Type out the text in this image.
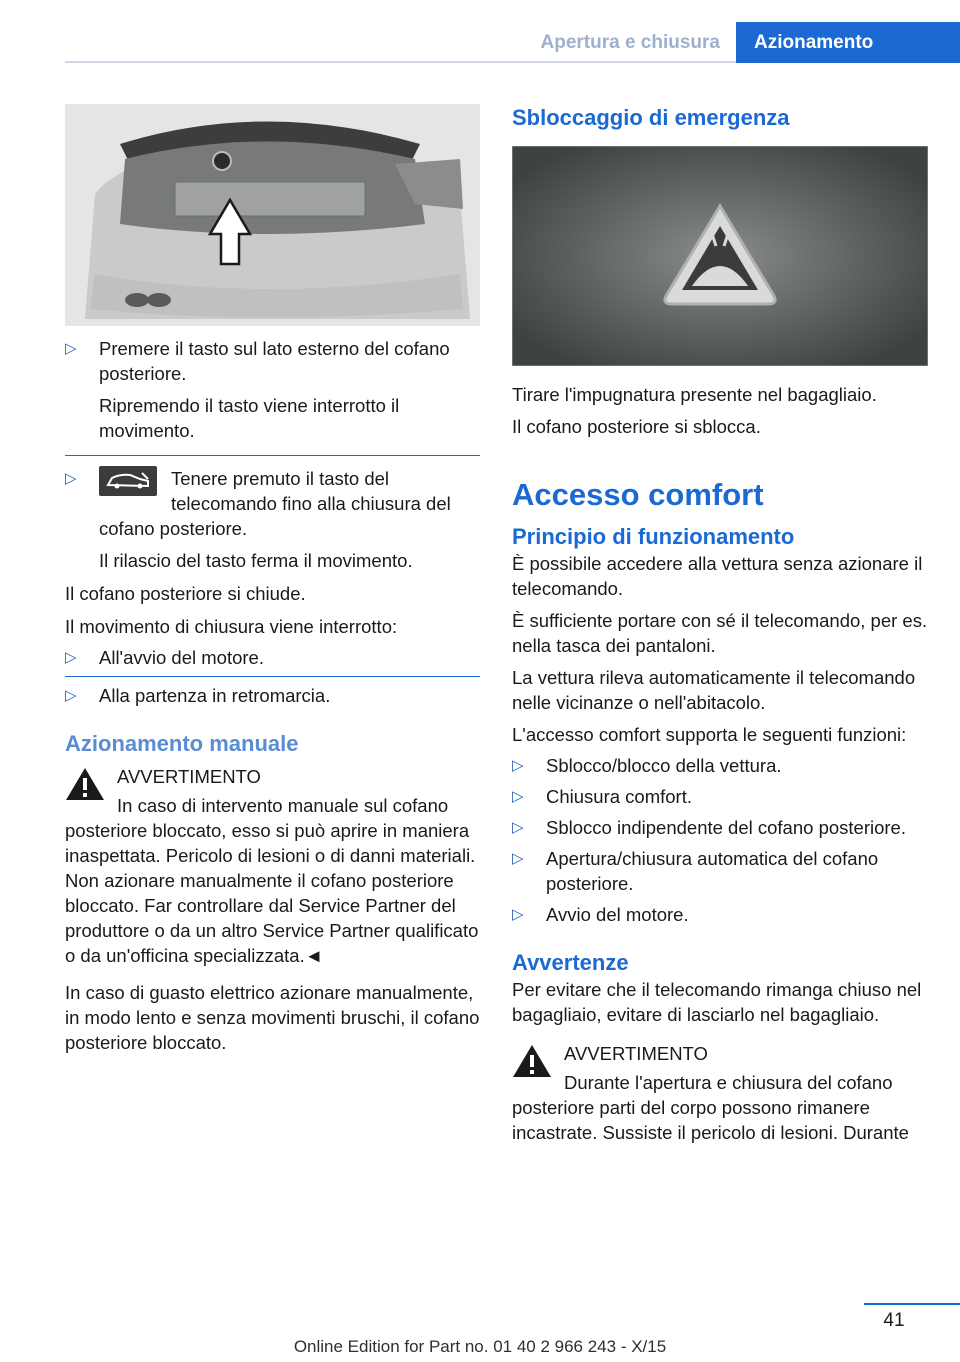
Apertura e chiusura	Azionamento
▷	Premere il tasto sul lato esterno del cofano posteriore.

Ripremendo il tasto viene interrotto il movimento.

▷	Tenere premuto il tasto del telecomando fino alla chiusura del cofano posteriore.

Il rilascio del tasto ferma il movimento.

Il cofano posteriore si chiude.

Il movimento di chiusura viene interrotto:

▷	All'avvio del motore.

▷	Alla partenza in retromarcia.

Azionamento manuale

AVVERTIMENTO

In caso di intervento manuale sul cofano posteriore bloccato, esso si può aprire in maniera inaspettata. Pericolo di lesioni o di danni materiali. Non azionare manualmente il cofano posteriore bloccato. Far controllare dal Service Partner del produttore o da un altro Service Partner qualificato o da un'officina specializzata.◄

In caso di guasto elettrico azionare manualmente, in modo lento e senza movimenti bruschi, il cofano posteriore bloccato.

Sbloccaggio di emergenza

Tirare l'impugnatura presente nel bagagliaio.

Il cofano posteriore si sblocca.

Accesso comfort
Principio di funzionamento

È possibile accedere alla vettura senza azionare il telecomando.

È sufficiente portare con sé il telecomando, per es. nella tasca dei pantaloni.

La vettura rileva automaticamente il telecomando nelle vicinanze o nell'abitacolo.

L'accesso comfort supporta le seguenti funzioni:

▷	Sblocco/blocco della vettura.

▷	Chiusura comfort.

▷	Sblocco indipendente del cofano posteriore.

▷	Apertura/chiusura automatica del cofano posteriore.

▷	Avvio del motore.

Avvertenze

Per evitare che il telecomando rimanga chiuso nel bagagliaio, evitare di lasciarlo nel bagagliaio.

AVVERTIMENTO

Durante l'apertura e chiusura del cofano posteriore parti del corpo possono rimanere incastrate. Sussiste il pericolo di lesioni. Durante

41
Online Edition for Part no. 01 40 2 966 243 - X/15
